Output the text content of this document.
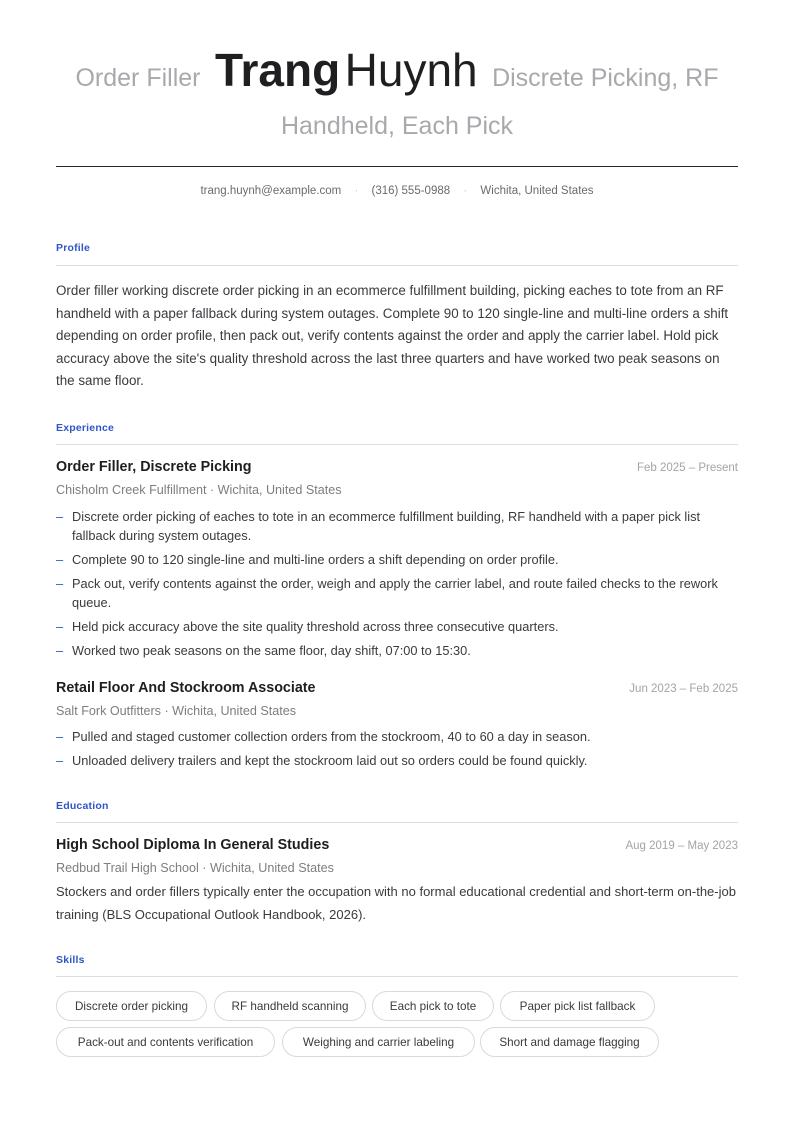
Order Filler Trang Huynh Discrete Picking, RF
Handheld, Each Pick
trang.huynh@example.com · (316) 555-0988 · Wichita, United States
Profile
Order filler working discrete order picking in an ecommerce fulfillment building, picking eaches to tote from an RF handheld with a paper fallback during system outages. Complete 90 to 120 single-line and multi-line orders a shift depending on order profile, then pack out, verify contents against the order and apply the carrier label. Hold pick accuracy above the site's quality threshold across the last three quarters and have worked two peak seasons on the same floor.
Experience
Order Filler, Discrete Picking	Feb 2025 – Present
Chisholm Creek Fulfillment · Wichita, United States
– Discrete order picking of eaches to tote in an ecommerce fulfillment building, RF handheld with a paper pick list fallback during system outages.
– Complete 90 to 120 single-line and multi-line orders a shift depending on order profile.
– Pack out, verify contents against the order, weigh and apply the carrier label, and route failed checks to the rework queue.
– Held pick accuracy above the site quality threshold across three consecutive quarters.
– Worked two peak seasons on the same floor, day shift, 07:00 to 15:30.
Retail Floor And Stockroom Associate	Jun 2023 – Feb 2025
Salt Fork Outfitters · Wichita, United States
– Pulled and staged customer collection orders from the stockroom, 40 to 60 a day in season.
– Unloaded delivery trailers and kept the stockroom laid out so orders could be found quickly.
Education
High School Diploma In General Studies	Aug 2019 – May 2023
Redbud Trail High School · Wichita, United States
Stockers and order fillers typically enter the occupation with no formal educational credential and short-term on-the-job training (BLS Occupational Outlook Handbook, 2026).
Skills
Discrete order picking	RF handheld scanning	Each pick to tote	Paper pick list fallback
Pack-out and contents verification	Weighing and carrier labeling	Short and damage flagging
